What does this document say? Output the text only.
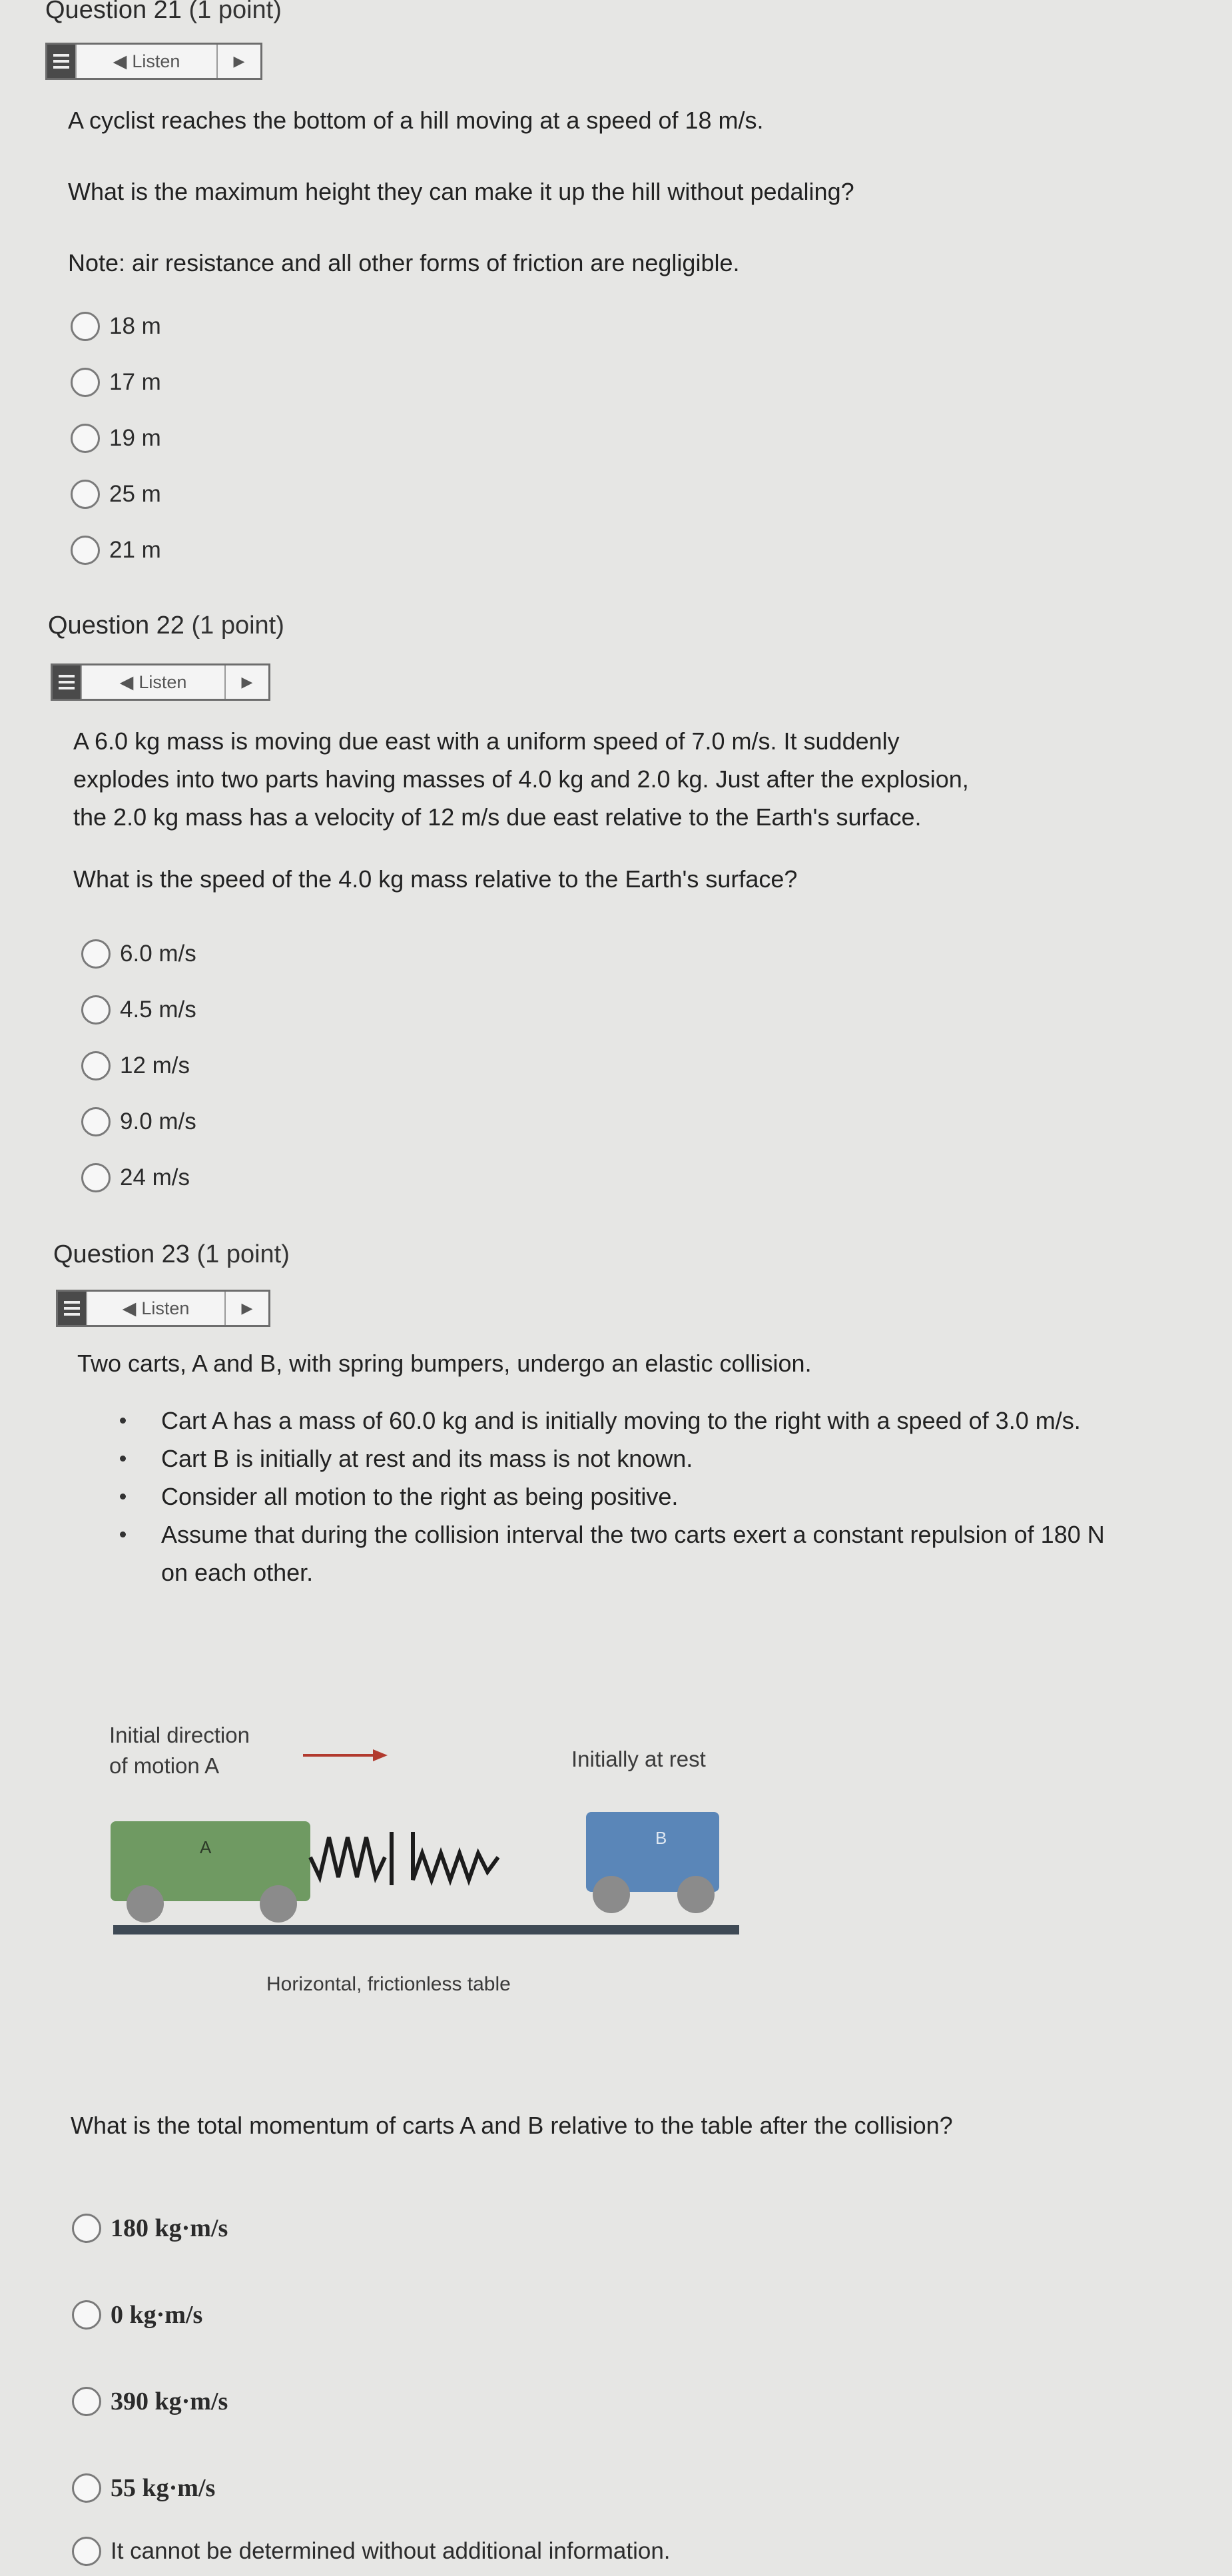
Question 21 (1 point)
◀ Listen	▶
A cyclist reaches the bottom of a hill moving at a speed of 18 m/s.
What is the maximum height they can make it up the hill without pedaling?
Note: air resistance and all other forms of friction are negligible.
18 m
17 m
19 m
25 m
21 m
Question 22 (1 point)
◀ Listen	▶
A 6.0 kg mass is moving due east with a uniform speed of 7.0 m/s. It suddenly
explodes into two parts having masses of 4.0 kg and 2.0 kg. Just after the explosion,
the 2.0 kg mass has a velocity of 12 m/s due east relative to the Earth's surface.
What is the speed of the 4.0 kg mass relative to the Earth's surface?
6.0 m/s
4.5 m/s
12 m/s
9.0 m/s
24 m/s
Question 23 (1 point)
◀ Listen	▶
Two carts, A and B, with spring bumpers, undergo an elastic collision.
Cart A has a mass of 60.0 kg and is initially moving to the right with a speed of 3.0 m/s.
Cart B is initially at rest and its mass is not known.
Consider all motion to the right as being positive.
Assume that during the collision interval the two carts exert a constant repulsion of 180 N on each other.
Initial direction
of motion A	Initially at rest
A	B
Horizontal, frictionless table
What is the total momentum of carts A and B relative to the table after the collision?
180 kg·m/s
0 kg·m/s
390 kg·m/s
55 kg·m/s
It cannot be determined without additional information.
